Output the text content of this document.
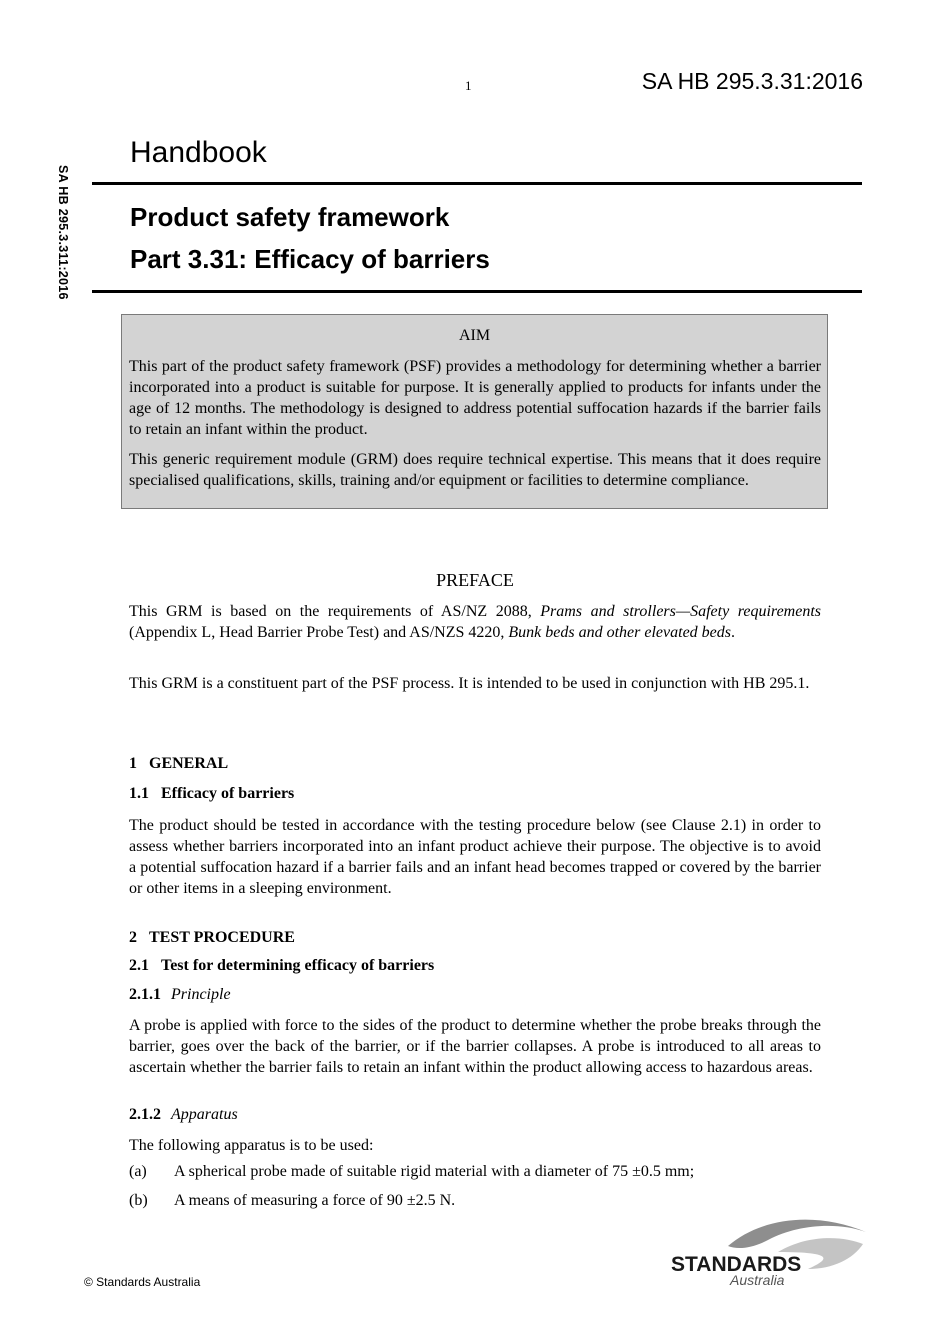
1	SA HB 295.3.31:2016
SA HB 295.3.311:2016
Handbook
Product safety framework
Part 3.31: Efficacy of barriers
AIM
This part of the product safety framework (PSF) provides a methodology for determining whether a barrier incorporated into a product is suitable for purpose. It is generally applied to products for infants under the age of 12 months. The methodology is designed to address potential suffocation hazards if the barrier fails to retain an infant within the product.
This generic requirement module (GRM) does require technical expertise. This means that it does require specialised qualifications, skills, training and/or equipment or facilities to determine compliance.
PREFACE
This GRM is based on the requirements of AS/NZ 2088, Prams and strollers—Safety requirements (Appendix L, Head Barrier Probe Test) and AS/NZS 4220, Bunk beds and other elevated beds.
This GRM is a constituent part of the PSF process. It is intended to be used in conjunction with HB 295.1.
1 GENERAL
1.1 Efficacy of barriers
The product should be tested in accordance with the testing procedure below (see Clause 2.1) in order to assess whether barriers incorporated into an infant product achieve their purpose. The objective is to avoid a potential suffocation hazard if a barrier fails and an infant head becomes trapped or covered by the barrier or other items in a sleeping environment.
2 TEST PROCEDURE
2.1 Test for determining efficacy of barriers
2.1.1 Principle
A probe is applied with force to the sides of the product to determine whether the probe breaks through the barrier, goes over the back of the barrier, or if the barrier collapses. A probe is introduced to all areas to ascertain whether the barrier fails to retain an infant within the product allowing access to hazardous areas.
2.1.2 Apparatus
The following apparatus is to be used:
(a) A spherical probe made of suitable rigid material with a diameter of 75 ±0.5 mm;
(b) A means of measuring a force of 90 ±2.5 N.
© Standards Australia
STANDARDS
Australia
